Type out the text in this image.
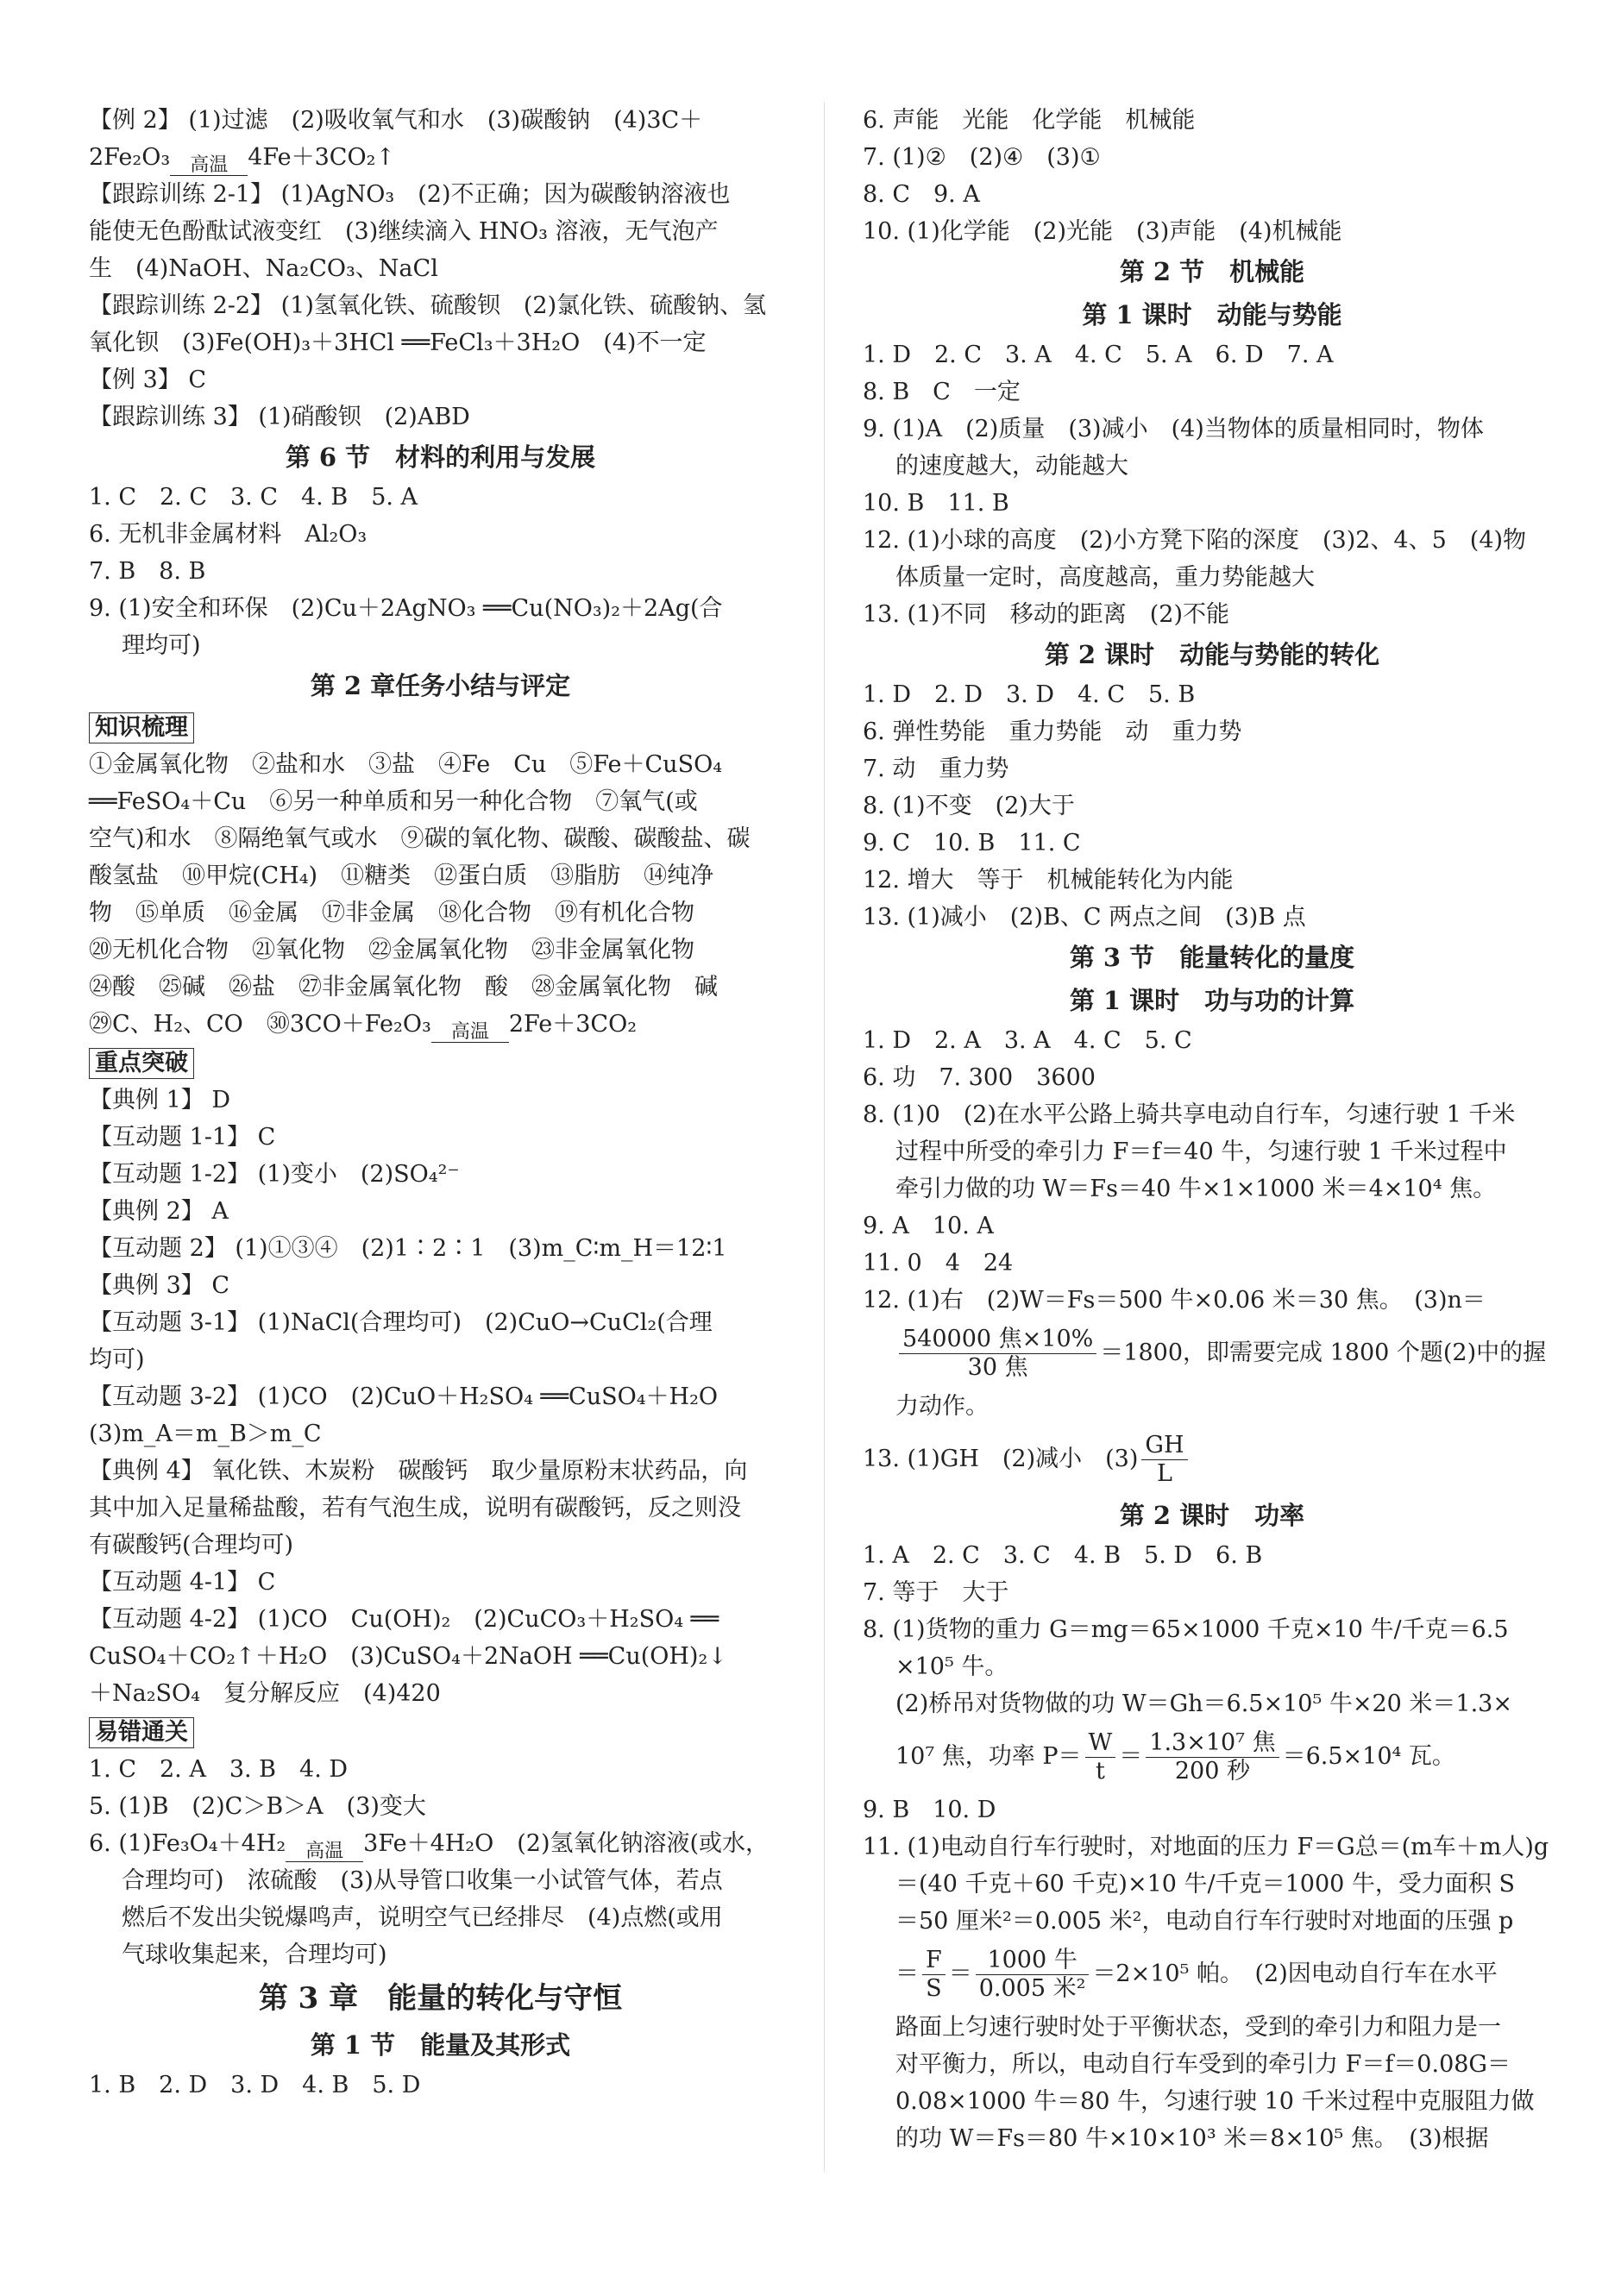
【例 2】 (1)过滤　(2)吸收氧气和水　(3)碳酸钠　(4)3C＋
2Fe₂O₃	高温 4Fe＋3CO₂↑
【跟踪训练 2-1】 (1)AgNO₃　(2)不正确；因为碳酸钠溶液也
能使无色酚酞试液变红　(3)继续滴入 HNO₃ 溶液，无气泡产
生　(4)NaOH、Na₂CO₃、NaCl
【跟踪训练 2-2】 (1)氢氧化铁、硫酸钡　(2)氯化铁、硫酸钠、氢
氧化钡　(3)Fe(OH)₃＋3HCl ══FeCl₃＋3H₂O　(4)不一定
【例 3】 C
【跟踪训练 3】 (1)硝酸钡　(2)ABD
第 6 节　材料的利用与发展
1. C　2. C　3. C　4. B　5. A
6. 无机非金属材料　Al₂O₃
7. B　8. B
9. (1)安全和环保　(2)Cu＋2AgNO₃ ══Cu(NO₃)₂＋2Ag(合
理均可)
第 2 章任务小结与评定
知识梳理
①金属氧化物　②盐和水　③盐　④Fe　Cu　⑤Fe＋CuSO₄
══FeSO₄＋Cu　⑥另一种单质和另一种化合物　⑦氧气(或
空气)和水　⑧隔绝氧气或水　⑨碳的氧化物、碳酸、碳酸盐、碳
酸氢盐　⑩甲烷(CH₄)　⑪糖类　⑫蛋白质　⑬脂肪　⑭纯净
物　⑮单质　⑯金属　⑰非金属　⑱化合物　⑲有机化合物
⑳无机化合物　㉑氧化物　㉒金属氧化物　㉓非金属氧化物
㉔酸　㉕碱　㉖盐　㉗非金属氧化物　酸　㉘金属氧化物　碱
㉙C、H₂、CO　㉚3CO＋Fe₂O₃	高温 2Fe＋3CO₂
重点突破
【典例 1】 D
【互动题 1-1】 C
【互动题 1-2】 (1)变小　(2)SO₄²⁻
【典例 2】 A
【互动题 2】 (1)①③④　(2)1∶2∶1　(3)m_C∶m_H＝12∶1
【典例 3】 C
【互动题 3-1】 (1)NaCl(合理均可)　(2)CuO→CuCl₂(合理
均可)
【互动题 3-2】 (1)CO　(2)CuO＋H₂SO₄ ══CuSO₄＋H₂O
(3)m_A＝m_B＞m_C
【典例 4】 氧化铁、木炭粉　碳酸钙　取少量原粉末状药品，向
其中加入足量稀盐酸，若有气泡生成，说明有碳酸钙，反之则没
有碳酸钙(合理均可)
【互动题 4-1】 C
【互动题 4-2】 (1)CO　Cu(OH)₂　(2)CuCO₃＋H₂SO₄ ══
CuSO₄＋CO₂↑＋H₂O　(3)CuSO₄＋2NaOH ══Cu(OH)₂↓
＋Na₂SO₄　复分解反应　(4)420
易错通关
1. C　2. A　3. B　4. D
5. (1)B　(2)C＞B＞A　(3)变大
6. (1)Fe₃O₄＋4H₂	高温 3Fe＋4H₂O　(2)氢氧化钠溶液(或水，
合理均可)　浓硫酸　(3)从导管口收集一小试管气体，若点
燃后不发出尖锐爆鸣声，说明空气已经排尽　(4)点燃(或用
气球收集起来，合理均可)
第 3 章　能量的转化与守恒
第 1 节　能量及其形式
1. B　2. D　3. D　4. B　5. D
6. 声能　光能　化学能　机械能
7. (1)②　(2)④　(3)①
8. C　9. A
10. (1)化学能　(2)光能　(3)声能　(4)机械能
第 2 节　机械能
第 1 课时　动能与势能
1. D　2. C　3. A　4. C　5. A　6. D　7. A
8. B　C　一定
9. (1)A　(2)质量　(3)减小　(4)当物体的质量相同时，物体
的速度越大，动能越大
10. B　11. B
12. (1)小球的高度　(2)小方凳下陷的深度　(3)2、4、5　(4)物
体质量一定时，高度越高，重力势能越大
13. (1)不同　移动的距离　(2)不能
第 2 课时　动能与势能的转化
1. D　2. D　3. D　4. C　5. B
6. 弹性势能　重力势能　动　重力势
7. 动　重力势
8. (1)不变　(2)大于
9. C　10. B　11. C
12. 增大　等于　机械能转化为内能
13. (1)减小　(2)B、C 两点之间　(3)B 点
第 3 节　能量转化的量度
第 1 课时　功与功的计算
1. D　2. A　3. A　4. C　5. C
6. 功　7. 300　3600
8. (1)0　(2)在水平公路上骑共享电动自行车，匀速行驶 1 千米
过程中所受的牵引力 F＝f＝40 牛，匀速行驶 1 千米过程中
牵引力做的功 W＝Fs＝40 牛×1×1000 米＝4×10⁴ 焦。
9. A　10. A
11. 0　4　24
12. (1)右　(2)W＝Fs＝500 牛×0.06 米＝30 焦。　(3)n＝
$\frac{\text{540000 焦×10\%}}{\text{30 焦}} =1800$，即需要完成 1800 个题(2)中的握
力动作。
13. (1)GH　(2)减小　$(3) \frac{GH}{L}$
第 2 课时　功率
1. A　2. C　3. C　4. B　5. D　6. B
7. 等于　大于
8. (1)货物的重力 G＝mg＝65×1000 千克×10 牛/千克＝6.5
×10⁵ 牛。
(2)桥吊对货物做的功 W＝Gh＝6.5×10⁵ 牛×20 米＝1.3×
10⁷ 焦，功率 $P= \frac{W}{t} = \frac{\text{1.3×10⁷ 焦}}{\text{200 秒}} =6.5\times 10^4$ 瓦。
9. B　10. D
11. (1)电动自行车行驶时，对地面的压力 F＝G总＝(m车＋m人)g
＝(40 千克＋60 千克)×10 牛/千克＝1000 牛，受力面积 S
＝50 厘米²＝0.005 米²，电动自行车行驶时对地面的压强 p
＝ $\frac{F}{S} = \frac{\text{1000 牛}}{\text{0.005 米²}} =2\times 10^5$ 帕。　(2)因电动自行车在水平
路面上匀速行驶时处于平衡状态，受到的牵引力和阻力是一
对平衡力，所以，电动自行车受到的牵引力 F＝f＝0.08G＝
0.08×1000 牛＝80 牛，匀速行驶 10 千米过程中克服阻力做
的功 W＝Fs＝80 牛×10×10³ 米＝8×10⁵ 焦。　(3)根据
